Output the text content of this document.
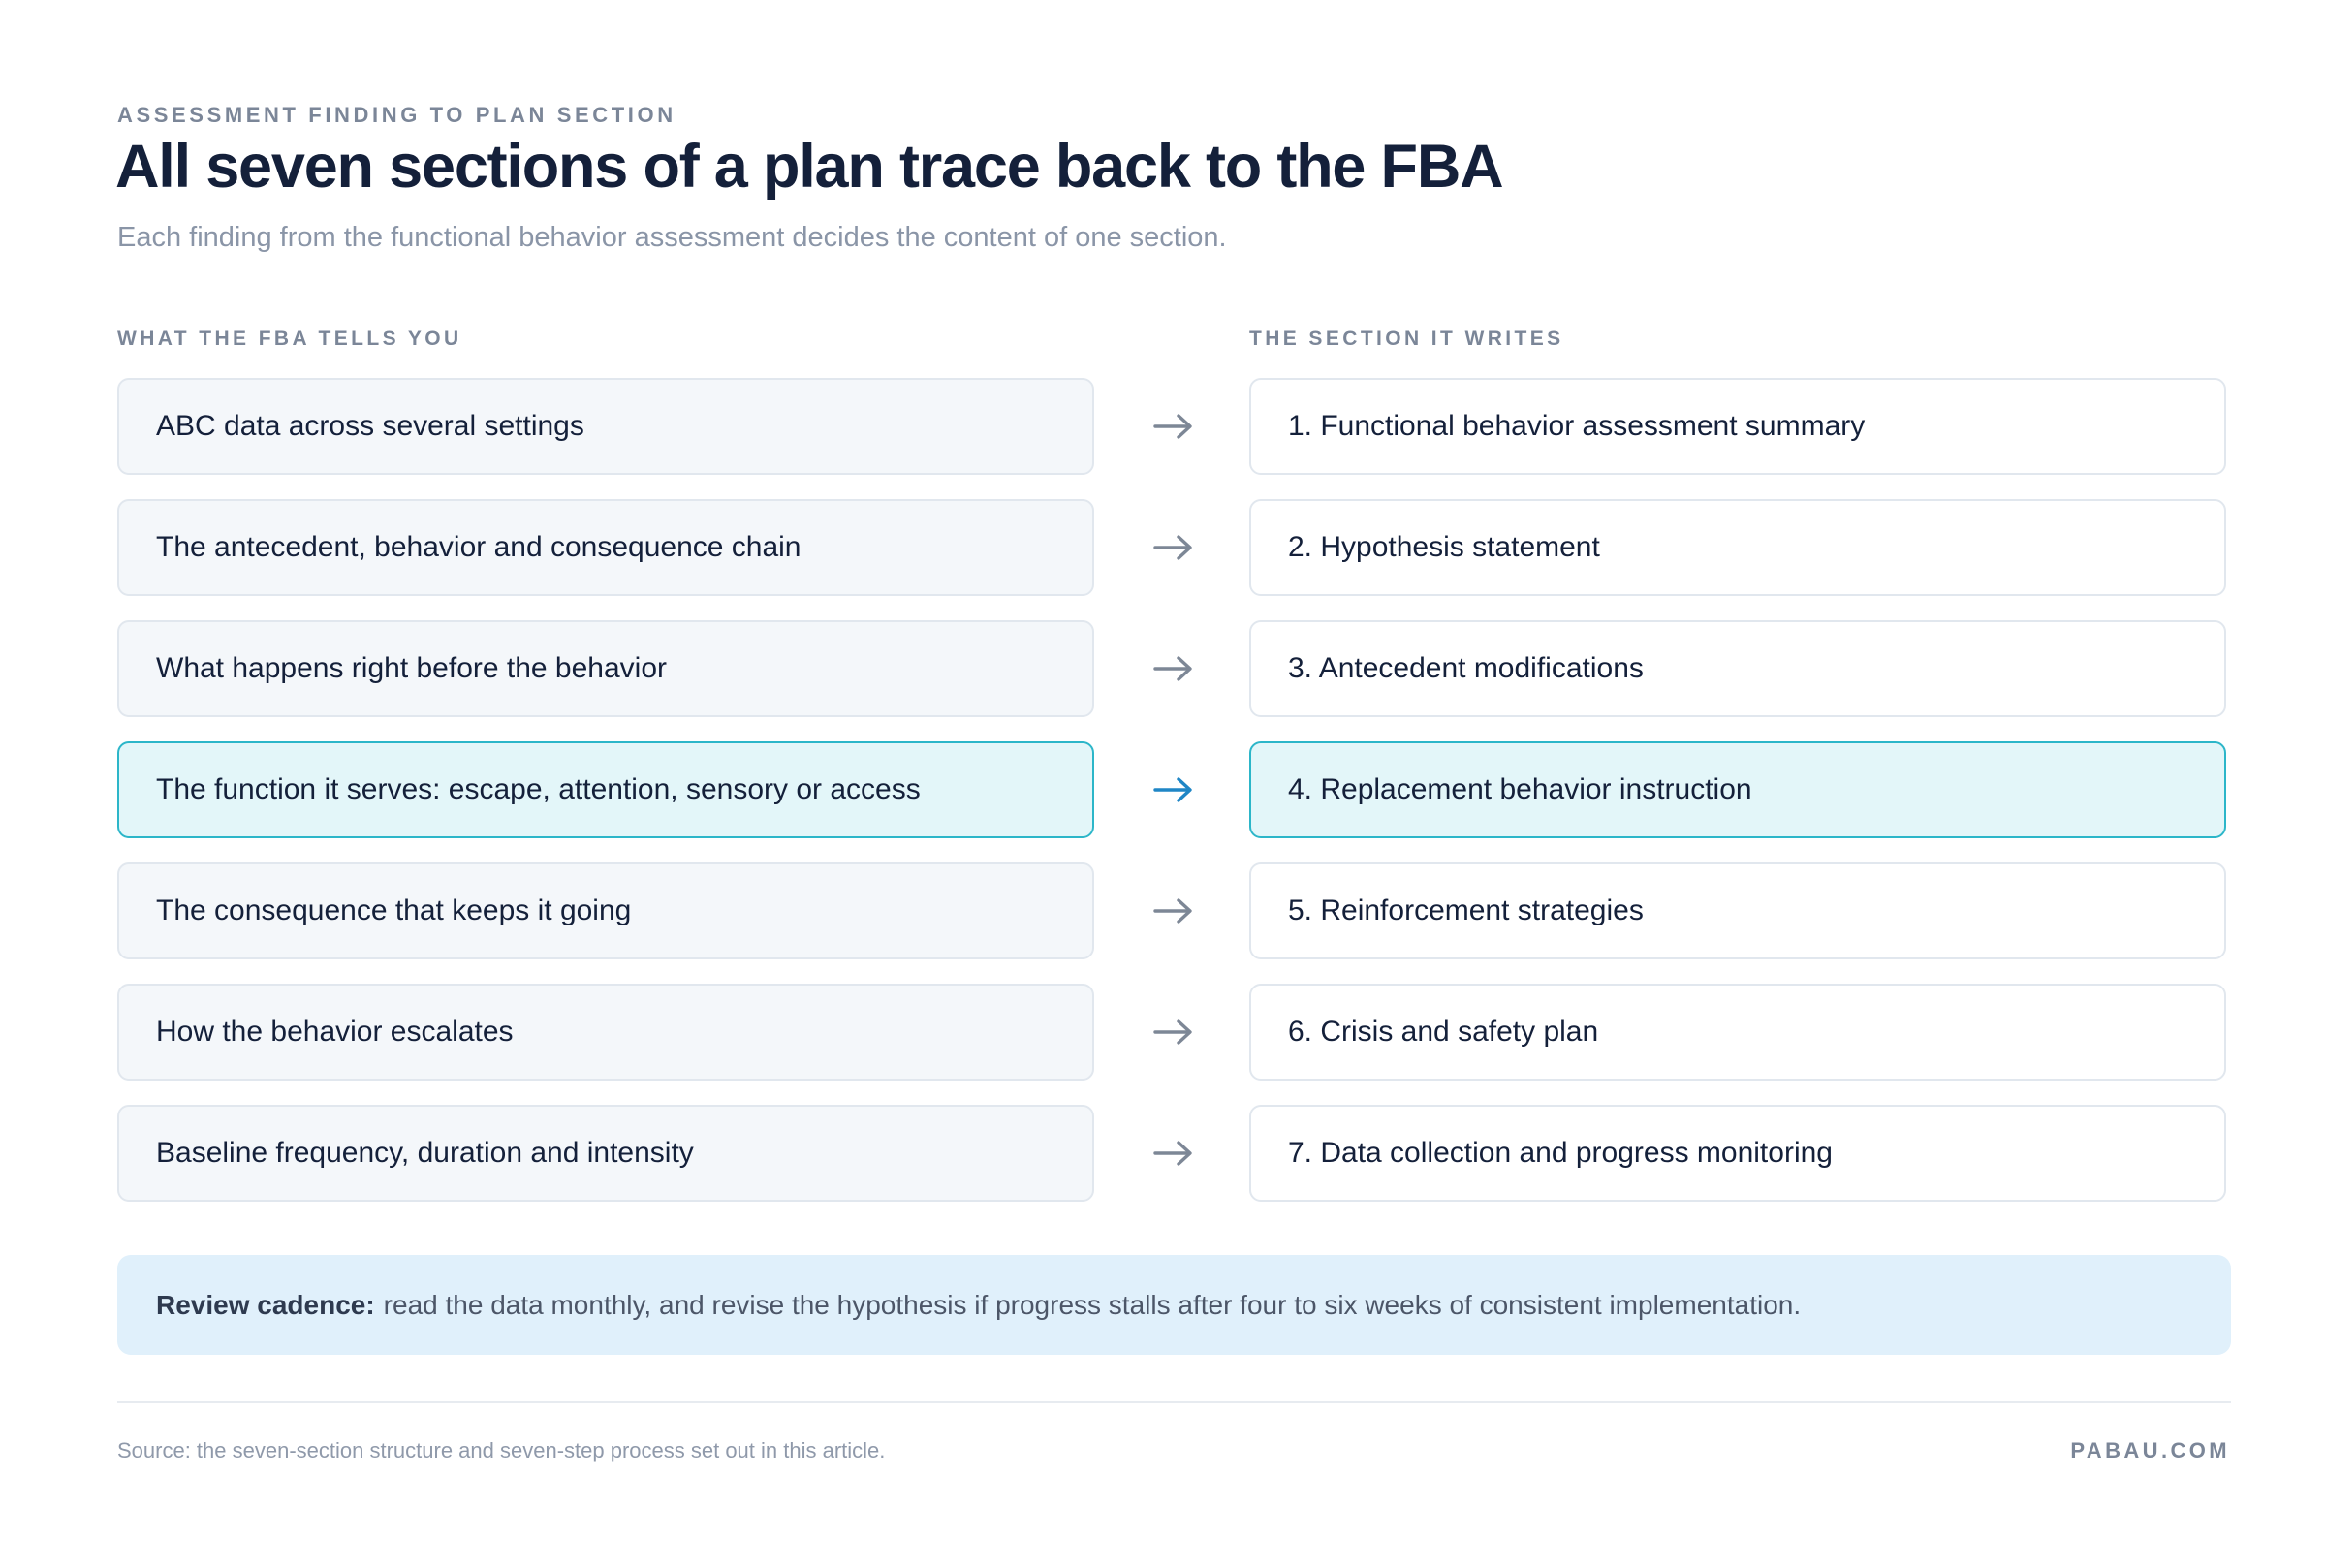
ASSESSMENT FINDING TO PLAN SECTION
All seven sections of a plan trace back to the FBA
Each finding from the functional behavior assessment decides the content of one section.
WHAT THE FBA TELLS YOU	THE SECTION IT WRITES
ABC data across several settings	1. Functional behavior assessment summary
The antecedent, behavior and consequence chain	2. Hypothesis statement
What happens right before the behavior	3. Antecedent modifications
The function it serves: escape, attention, sensory or access	4. Replacement behavior instruction
The consequence that keeps it going	5. Reinforcement strategies
How the behavior escalates	6. Crisis and safety plan
Baseline frequency, duration and intensity	7. Data collection and progress monitoring
Review cadence: read the data monthly, and revise the hypothesis if progress stalls after four to six weeks of consistent implementation.
Source: the seven-section structure and seven-step process set out in this article.	PABAU.COM
